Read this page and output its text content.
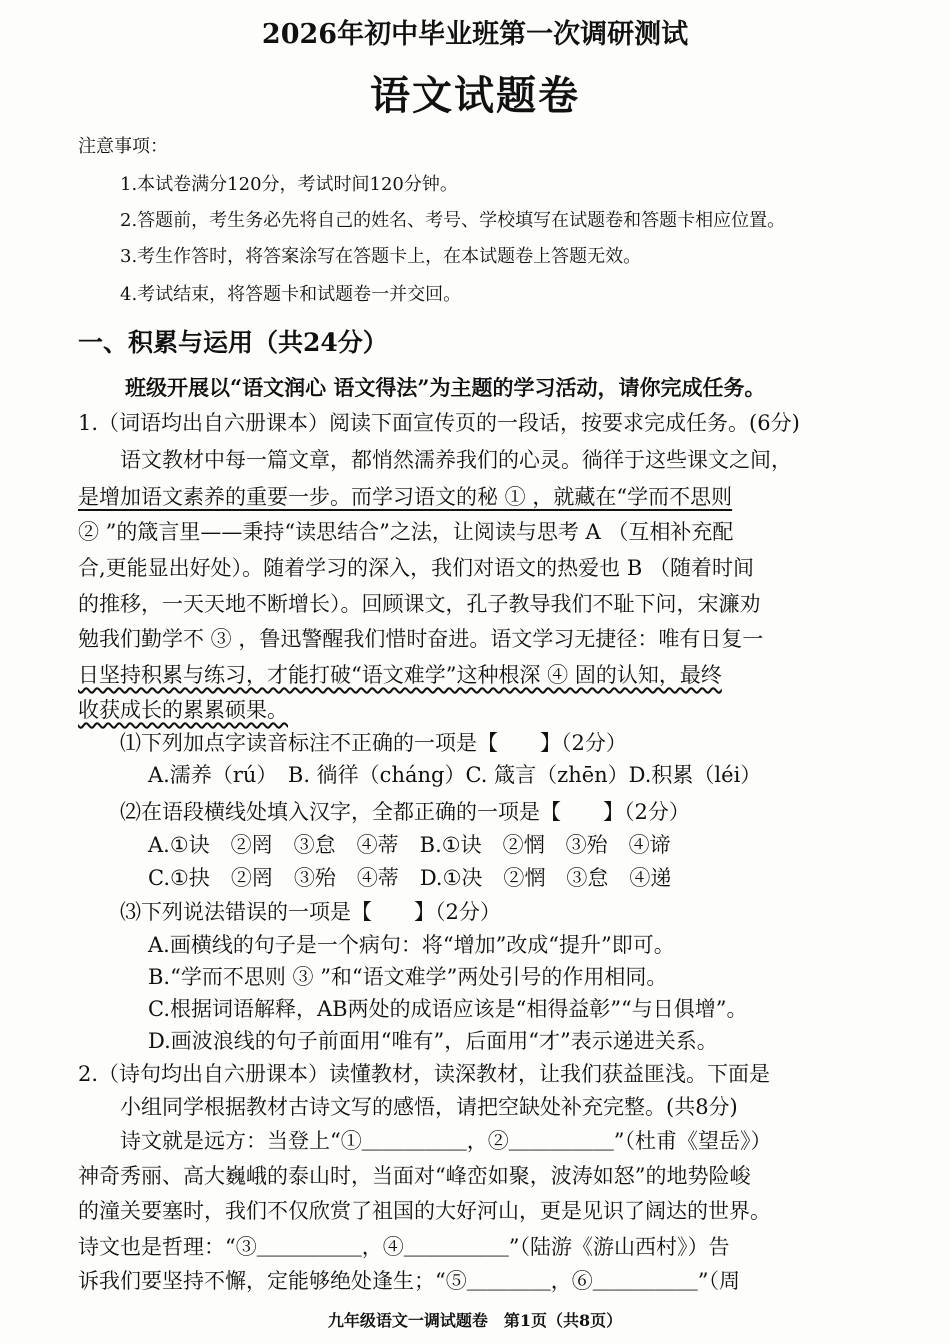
2026年初中毕业班第一次调研测试
语文试题卷
注意事项：
1.本试卷满分120分，考试时间120分钟。
2.答题前，考生务必先将自己的姓名、考号、学校填写在试题卷和答题卡相应位置。
3.考生作答时，将答案涂写在答题卡上，在本试题卷上答题无效。
4.考试结束，将答题卡和试题卷一并交回。
一、积累与运用（共24分）
班级开展以“语文润心 语文得法”为主题的学习活动，请你完成任务。
1.（词语均出自六册课本）阅读下面宣传页的一段话，按要求完成任务。(6分)
语文教材中每一篇文章，都悄然濡养我们的心灵。徜徉于这些课文之间，
是增加语文素养的重要一步。而学习语文的秘 ① ，就藏在“学而不思则
② ”的箴言里——秉持“读思结合”之法，让阅读与思考 A （互相补充配
合,更能显出好处）。随着学习的深入，我们对语文的热爱也 B （随着时间
的推移，一天天地不断增长）。回顾课文，孔子教导我们不耻下问，宋濂劝
勉我们勤学不 ③ ，鲁迅警醒我们惜时奋进。语文学习无捷径：唯有日复一
日坚持积累与练习，才能打破“语文难学”这种根深 ④ 固的认知，最终
收获成长的累累硕果。
⑴下列加点字读音标注不正确的一项是【　　】（2分）
A.濡养（rú）　B. 徜徉（cháng）C. 箴言（zhēn）D.积累（léi）
⑵在语段横线处填入汉字，全都正确的一项是【　　】（2分）
A.①诀　②罔　③怠　④蒂　B.①诀　②惘　③殆　④谛
C.①抉　②罔　③殆　④蒂　D.①决　②惘　③怠　④递
⑶下列说法错误的一项是【　　】（2分）
A.画横线的句子是一个病句：将“增加”改成“提升”即可。
B.“学而不思则 ③ ”和“语文难学”两处引号的作用相同。
C.根据词语解释，AB两处的成语应该是“相得益彰”“与日俱增”。
D.画波浪线的句子前面用“唯有”，后面用“才”表示递进关系。
2.（诗句均出自六册课本）读懂教材，读深教材，让我们获益匪浅。下面是
小组同学根据教材古诗文写的感悟，请把空缺处补充完整。(共8分)
诗文就是远方：当登上“①＿＿＿＿＿，②＿＿＿＿＿”（杜甫《望岳》）
神奇秀丽、高大巍峨的泰山时，当面对“峰峦如聚，波涛如怒”的地势险峻
的潼关要塞时，我们不仅欣赏了祖国的大好河山，更是见识了阔达的世界。
诗文也是哲理：“③＿＿＿＿＿，④＿＿＿＿＿”（陆游《游山西村》）告
诉我们要坚持不懈，定能够绝处逢生；“⑤＿＿＿＿，⑥＿＿＿＿＿”（周
九年级语文一调试题卷　第1页（共8页）
